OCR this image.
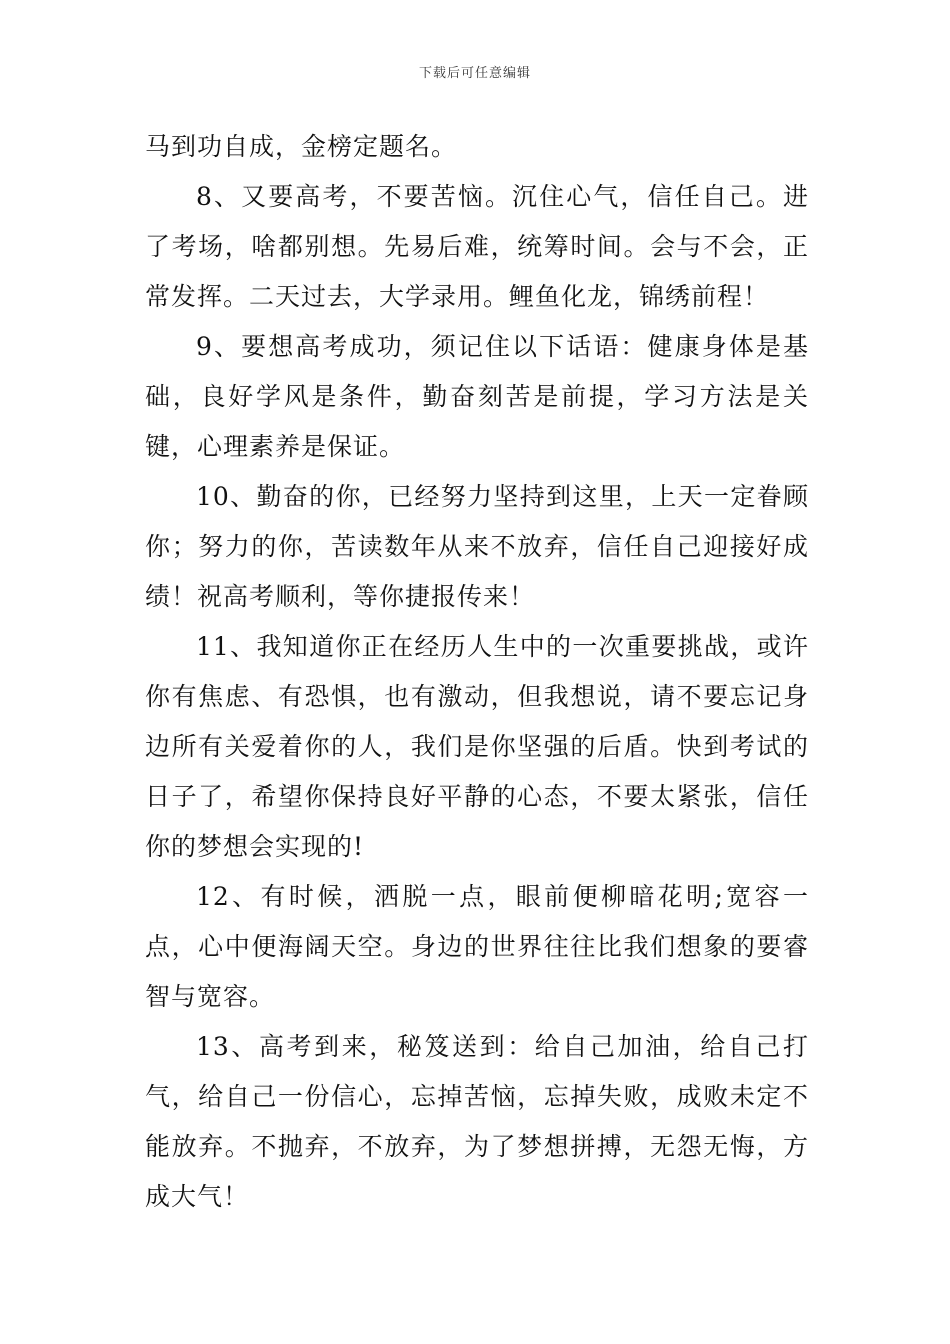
下载后可任意编辑

马到功自成，金榜定题名。

8、又要高考，不要苦恼。沉住心气，信任自己。进了考场，啥都别想。先易后难，统筹时间。会与不会，正常发挥。二天过去，大学录用。鲤鱼化龙，锦绣前程！

9、要想高考成功，须记住以下话语：健康身体是基础，良好学风是条件，勤奋刻苦是前提，学习方法是关键，心理素养是保证。

10、勤奋的你，已经努力坚持到这里，上天一定眷顾你；努力的你，苦读数年从来不放弃，信任自己迎接好成绩！祝高考顺利，等你捷报传来！

11、我知道你正在经历人生中的一次重要挑战，或许你有焦虑、有恐惧，也有激动，但我想说，请不要忘记身边所有关爱着你的人，我们是你坚强的后盾。快到考试的日子了，希望你保持良好平静的心态，不要太紧张，信任你的梦想会实现的!

12、有时候，洒脱一点，眼前便柳暗花明;宽容一点，心中便海阔天空。身边的世界往往比我们想象的要睿智与宽容。

13、高考到来，秘笈送到：给自己加油，给自己打气，给自己一份信心，忘掉苦恼，忘掉失败，成败未定不能放弃。不抛弃，不放弃，为了梦想拼搏，无怨无悔，方成大气！
